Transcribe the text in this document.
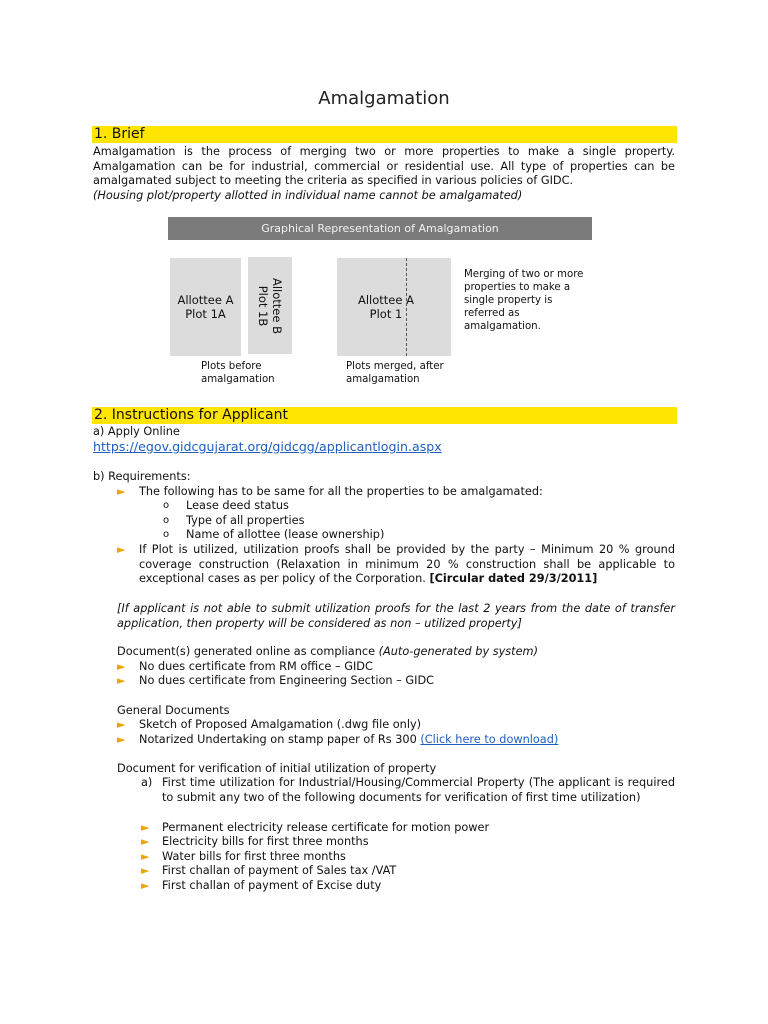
Amalgamation
1. Brief
Amalgamation is the process of merging two or more properties to make a single property. Amalgamation can be for industrial, commercial or residential use. All type of properties can be amalgamated subject to meeting the criteria as specified in various policies of GIDC.
(Housing plot/property allotted in individual name cannot be amalgamated)
Graphical Representation of Amalgamation
Allottee A
Plot 1A	Allottee B
Plot 1B	Allottee A
Plot 1
Plots before
amalgamation
Plots merged, after
amalgamation
Merging of two or more
properties to make a
single property is
referred as
amalgamation.
2. Instructions for Applicant
a) Apply Online
https://egov.gidcgujarat.org/gidcgg/applicantlogin.aspx
b) Requirements:
► The following has to be same for all the properties to be amalgamated:
o Lease deed status
o Type of all properties
o Name of allottee (lease ownership)
► If Plot is utilized, utilization proofs shall be provided by the party – Minimum 20 % ground coverage construction (Relaxation in minimum 20 % construction shall be applicable to exceptional cases as per policy of the Corporation. [Circular dated 29/3/2011]
[If applicant is not able to submit utilization proofs for the last 2 years from the date of transfer application, then property will be considered as non – utilized property]
Document(s) generated online as compliance (Auto-generated by system)
► No dues certificate from RM office – GIDC
► No dues certificate from Engineering Section – GIDC
General Documents
► Sketch of Proposed Amalgamation (.dwg file only)
► Notarized Undertaking on stamp paper of Rs 300 (Click here to download)
Document for verification of initial utilization of property
a) First time utilization for Industrial/Housing/Commercial Property (The applicant is required to submit any two of the following documents for verification of first time utilization)
► Permanent electricity release certificate for motion power
► Electricity bills for first three months
► Water bills for first three months
► First challan of payment of Sales tax /VAT
► First challan of payment of Excise duty
